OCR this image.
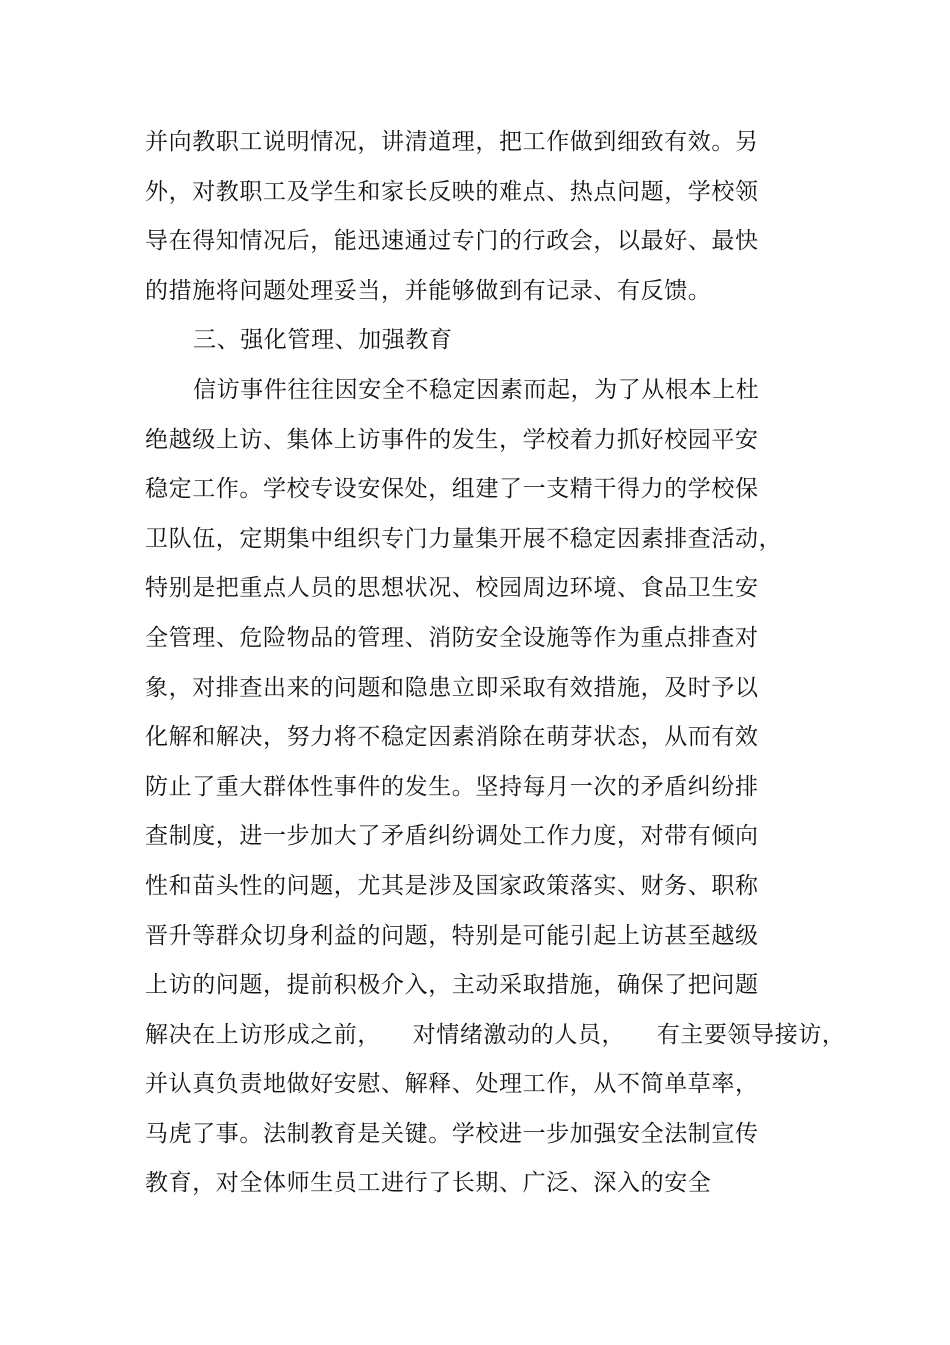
并向教职工说明情况，讲清道理，把工作做到细致有效。另
外，对教职工及学生和家长反映的难点、热点问题，学校领
导在得知情况后，能迅速通过专门的行政会，以最好、最快
的措施将问题处理妥当，并能够做到有记录、有反馈。
三、强化管理、加强教育
信访事件往往因安全不稳定因素而起，为了从根本上杜
绝越级上访、集体上访事件的发生，学校着力抓好校园平安
稳定工作。学校专设安保处，组建了一支精干得力的学校保
卫队伍，定期集中组织专门力量集开展不稳定因素排查活动，
特别是把重点人员的思想状况、校园周边环境、食品卫生安
全管理、危险物品的管理、消防安全设施等作为重点排查对
象，对排查出来的问题和隐患立即采取有效措施，及时予以
化解和解决，努力将不稳定因素消除在萌芽状态，从而有效
防止了重大群体性事件的发生。坚持每月一次的矛盾纠纷排
查制度，进一步加大了矛盾纠纷调处工作力度，对带有倾向
性和苗头性的问题，尤其是涉及国家政策落实、财务、职称
晋升等群众切身利益的问题，特别是可能引起上访甚至越级
上访的问题，提前积极介入，主动采取措施，确保了把问题
解决在上访形成之前，    对情绪激动的人员，    有主要领导接访，
并认真负责地做好安慰、解释、处理工作，从不简单草率，
马虎了事。法制教育是关键。学校进一步加强安全法制宣传
教育，对全体师生员工进行了长期、广泛、深入的安全
